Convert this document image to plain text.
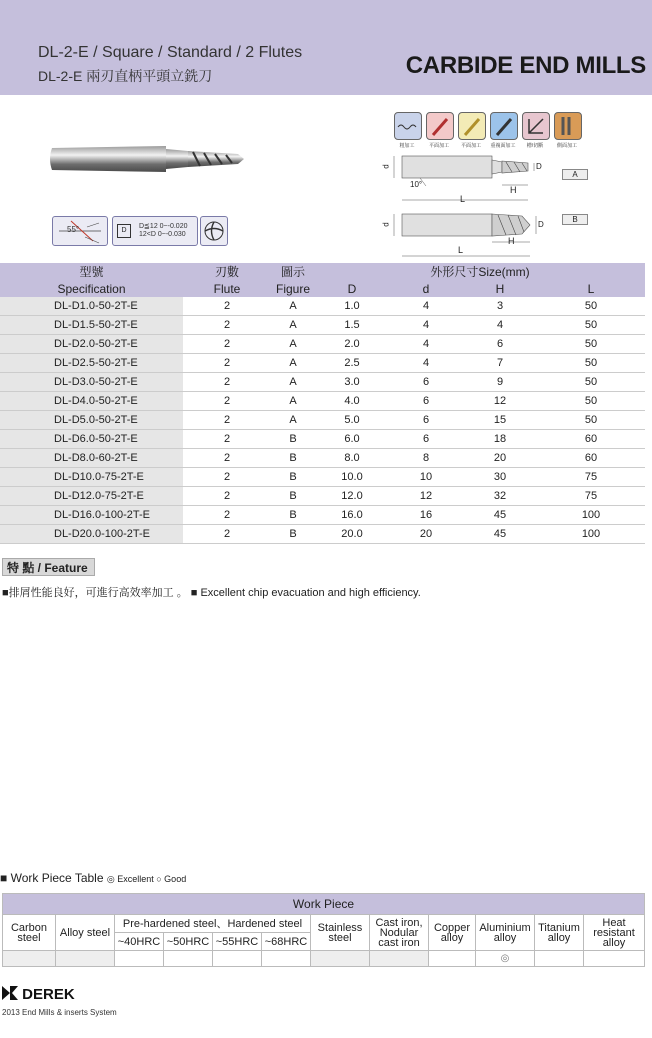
DL-2-E / Square / Standard / 2 Flutes
DL-2-E 兩刃直柄平頭立銑刀	CARBIDE END MILLS
55°	D
D≦12 0~-0.020
12<D 0~-0.030
粗加工	平面加工	平面加工	重複面加工	槽/切斷	側面加工
d	D
10°
H
L
A
d	D
H
L
B
型號	刃數	圖示	外形尺寸Size(mm)			
Specification	Flute	Figure	D	d	H	L
DL-D1.0-50-2T-E	2	A	1.0	4	3	50
DL-D1.5-50-2T-E	2	A	1.5	4	4	50
DL-D2.0-50-2T-E	2	A	2.0	4	6	50
DL-D2.5-50-2T-E	2	A	2.5	4	7	50
DL-D3.0-50-2T-E	2	A	3.0	6	9	50
DL-D4.0-50-2T-E	2	A	4.0	6	12	50
DL-D5.0-50-2T-E	2	A	5.0	6	15	50
DL-D6.0-50-2T-E	2	B	6.0	6	18	60
DL-D8.0-60-2T-E	2	B	8.0	8	20	60
DL-D10.0-75-2T-E	2	B	10.0	10	30	75
DL-D12.0-75-2T-E	2	B	12.0	12	32	75
DL-D16.0-100-2T-E	2	B	16.0	16	45	100
DL-D20.0-100-2T-E	2	B	20.0	20	45	100
特 點 / Feature
■排屑性能良好，可進行高效率加工 。 ■ Excellent chip evacuation and high efficiency.
■ Work Piece Table ◎ Excellent ○ Good
Work Piece											
Carbon steel	Alloy steel	Pre-hardened steel、Hardened steel				Stainless steel	Cast iron, Nodular cast iron	Copper alloy	Aluminium alloy	Titanium alloy	Heat resistant alloy
		~40HRC	~50HRC	~55HRC	~68HRC						
									◎		
DEREK
2013 End Mills & inserts System
